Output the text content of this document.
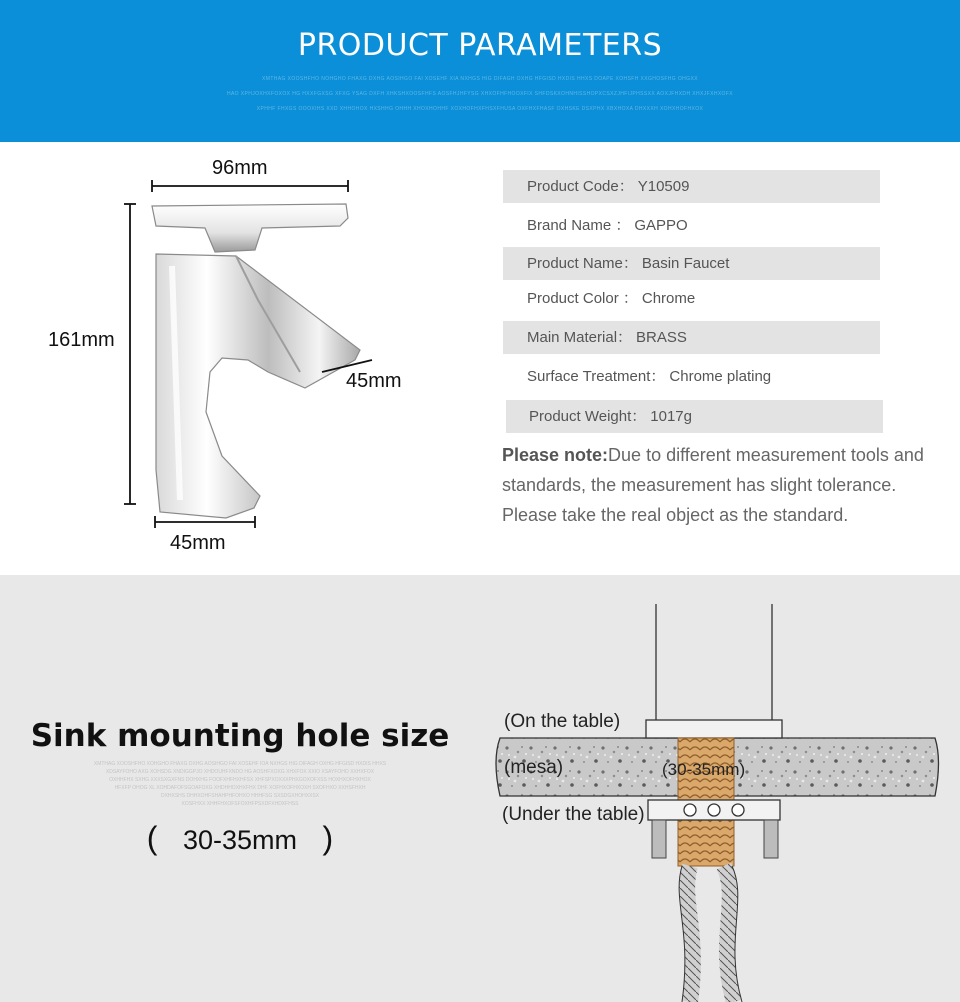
PRODUCT PARAMETERS
XMTHAG XOOSHFHO NOHGHO FHAXG DXHG AOSIHGO FAI XOSEHF XIA NXHGS HIG DIFAGH OXHG HFGISD HXDIS HHXS DOAPE XOHSFH XXGHOSFHG OHGXX
HAO XPHJOXHXFOXOX HG HXXFGXSG XFXG YSAG DXFH XHKSHXOOSFHFS AOSFHJHFYSG XHXOFHFHOOXFIX SHFDSKXOHNHISSHOPXCSXZJHFIJPHSSXX AOXJFHXDH XHXJFXHXOFX
XPHHF FHXGS OOOXIHS XXD XHHOHOX HXSHHG OHHH XHOXHOHHF XOXHOFHXFHSXFHUSA OXFHXFHASF OXHSKE DSXPHX XBXHOXA DHXXXH XOHXHOFHXOX
96mm
161mm
45mm
45mm
Product Code： Y10509
Brand Name ： GAPPO
Product Name： Basin Faucet
Product Color ： Chrome
Main Material： BRASS
Surface Treatment： Chrome plating
Product Weight： 1017g
Please note:Due to different measurement tools and standards, the measurement has slight tolerance. Please take the real object as the standard.
Sink mounting hole size
XMTHAG XOOSHFHO XOHGHO FHAXG DXHG AOSIHGO FAI XOSEHF IOA NXHGS HIG DIFAGH OXHG HFGISD HXDIS HHXS
XDSAYFOHO AXG XOHSDG XNDIGGPJO XHDOUHFXNDO HG AOSHFXOXG XHXFOX XXIO XSAYFOHO XXHXFOX
OXHHFHX SXHG XXXSXGXFNS DOHXHG FOOFXHFHXHFSX XHFSPXOXXXPHXGOXOFXSS HOXHXOFHXHOX
HFXFP OHOG XL XOHDAFOFSGOAFOXG XHDHHOXHXFHX DHF XOFHXOFHXOXH SXOFHXO XXHSFHXH
DXHXSHS DHHXOHFSHAHPHFOHXO HHHFSG SXSDGXHOHXXSX
XOSFHXX XHHFHXOFSFOXHFPSXDFXHDXFHSS
( 30-35mm )
(On the table)
(mesa)	(30-35mm)
(Under the table)
